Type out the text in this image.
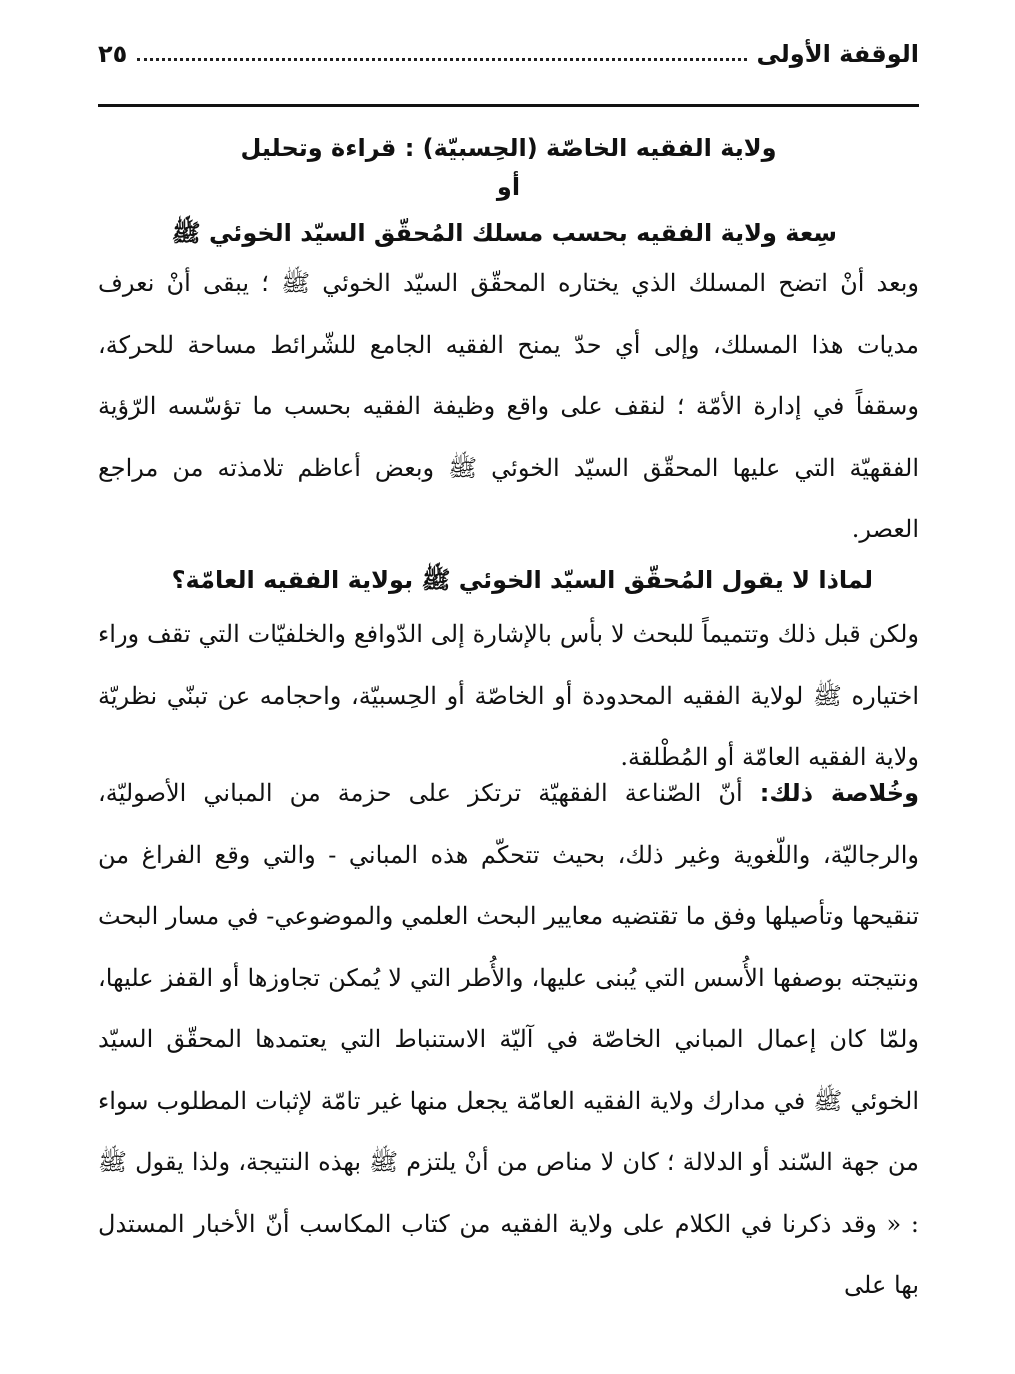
الوقفة الأولى
٢٥
ولاية الفقيه الخاصّة (الحِسبيّة) : قراءة وتحليل
أو
سِعة ولاية الفقيه بحسب مسلك المُحقّق السيّد الخوئي ﷺ
وبعد أنْ اتضح المسلك الذي يختاره المحقّق السيّد الخوئي ﷺ ؛ يبقى أنْ نعرف مديات هذا المسلك، وإلى أي حدّ يمنح الفقيه الجامع للشّرائط مساحة للحركة، وسقفاً في إدارة الأمّة ؛ لنقف على واقع وظيفة الفقيه بحسب ما تؤسّسه الرّؤية الفقهيّة التي عليها المحقّق السيّد الخوئي ﷺ وبعض أعاظم تلامذته من مراجع العصر.
لماذا لا يقول المُحقّق السيّد الخوئي ﷺ بولاية الفقيه العامّة؟
ولكن قبل ذلك وتتميماً للبحث لا بأس بالإشارة إلى الدّوافع والخلفيّات التي تقف وراء اختياره ﷺ لولاية الفقيه المحدودة أو الخاصّة أو الحِسبيّة، واحجامه عن تبنّي نظريّة ولاية الفقيه العامّة أو المُطْلقة.
وخُلاصة ذلك: أنّ الصّناعة الفقهيّة ترتكز على حزمة من المباني الأصوليّة، والرجاليّة، واللّغوية وغير ذلك، بحيث تتحكّم هذه المباني - والتي وقع الفراغ من تنقيحها وتأصيلها وفق ما تقتضيه معايير البحث العلمي والموضوعي- في مسار البحث ونتيجته بوصفها الأُسس التي يُبنى عليها، والأُطر التي لا يُمكن تجاوزها أو القفز عليها، ولمّا كان إعمال المباني الخاصّة في آليّة الاستنباط التي يعتمدها المحقّق السيّد الخوئي ﷺ في مدارك ولاية الفقيه العامّة يجعل منها غير تامّة لإثبات المطلوب سواء من جهة السّند أو الدلالة ؛ كان لا مناص من أنْ يلتزم ﷺ بهذه النتيجة، ولذا يقول ﷺ : « وقد ذكرنا في الكلام على ولاية الفقيه من كتاب المكاسب أنّ الأخبار المستدل بها على
